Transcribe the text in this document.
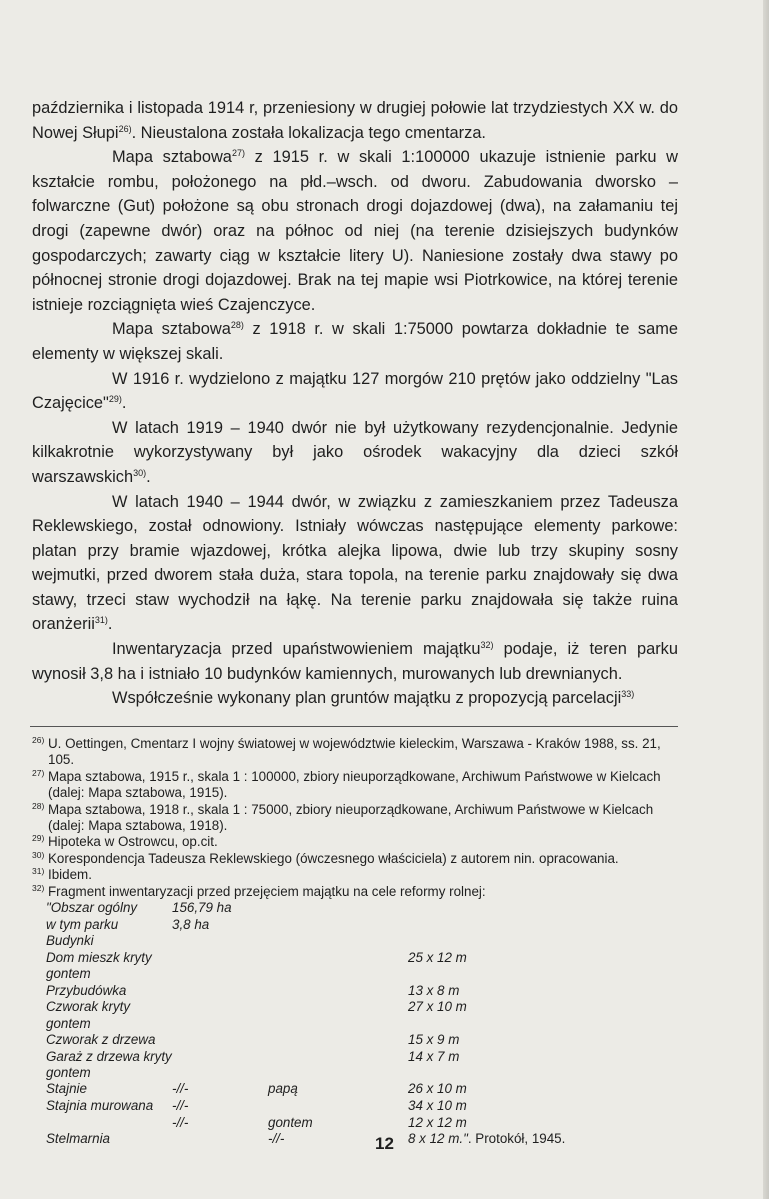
października i listopada 1914 r, przeniesiony w drugiej połowie lat trzydziestych XX w. do Nowej Słupi$^{26)}$. Nieustalona została lokalizacja tego cmentarza.

Mapa sztabowa$^{27)}$ z 1915 r. w skali 1:100000 ukazuje istnienie parku w kształcie rombu, położonego na płd.–wsch. od dworu. Zabudowania dworsko – folwarczne (Gut) położone są obu stronach drogi dojazdowej (dwa), na załamaniu tej drogi (zapewne dwór) oraz na północ od niej (na terenie dzisiejszych budynków gospodarczych; zawarty ciąg w kształcie litery U). Naniesione zostały dwa stawy po północnej stronie drogi dojazdowej. Brak na tej mapie wsi Piotrkowice, na której terenie istnieje rozciągnięta wieś Czajenczyce.

Mapa sztabowa$^{28)}$ z 1918 r. w skali 1:75000 powtarza dokładnie te same elementy w większej skali.

W 1916 r. wydzielono z majątku 127 morgów 210 prętów jako oddzielny "Las Czajęcice"$^{29)}$.

W latach 1919 – 1940 dwór nie był użytkowany rezydencjonalnie. Jedynie kilkakrotnie wykorzystywany był jako ośrodek wakacyjny dla dzieci szkół warszawskich$^{30)}$.

W latach 1940 – 1944 dwór, w związku z zamieszkaniem przez Tadeusza Reklewskiego, został odnowiony. Istniały wówczas następujące elementy parkowe: platan przy bramie wjazdowej, krótka alejka lipowa, dwie lub trzy skupiny sosny wejmutki, przed dworem stała duża, stara topola, na terenie parku znajdowały się dwa stawy, trzeci staw wychodził na łąkę. Na terenie parku znajdowała się także ruina oranżerii$^{31)}$.

Inwentaryzacja przed upaństwowieniem majątku$^{32)}$ podaje, iż teren parku wynosił 3,8 ha i istniało 10 budynków kamiennych, murowanych lub drewnianych.

Współcześnie wykonany plan gruntów majątku z propozycją parcelacji$^{33)}$

26) U. Oettingen, Cmentarz I wojny światowej w województwie kieleckim, Warszawa - Kraków 1988, ss. 21, 105.
27) Mapa sztabowa, 1915 r., skala 1 : 100000, zbiory nieuporządkowane, Archiwum Państwowe w Kielcach (dalej: Mapa sztabowa, 1915).
28) Mapa sztabowa, 1918 r., skala 1 : 75000, zbiory nieuporządkowane, Archiwum Państwowe w Kielcach (dalej: Mapa sztabowa, 1918).
29) Hipoteka w Ostrowcu, op.cit.
30) Korespondencja Tadeusza Reklewskiego (ówczesnego właściciela) z autorem nin. opracowania.
31) Ibidem.
32) Fragment inwentaryzacji przed przejęciem majątku na cele reformy rolnej:
"Obszar ogólny	156,79 ha		
w tym parku	3,8 ha		
Budynki			
Dom mieszk kryty gontem			25 x 12 m
Przybudówka			13 x 8 m
Czworak kryty gontem			27 x 10 m
Czworak z drzewa			15 x 9 m
Garaż z drzewa kryty gontem			14 x 7 m
Stajnie	-//-	papą	26 x 10 m
Stajnia murowana	-//-		34 x 10 m
	-//-	gontem	12 x 12 m
Stelmarnia		-//-	8 x 12 m.". Protokół, 1945.
12
